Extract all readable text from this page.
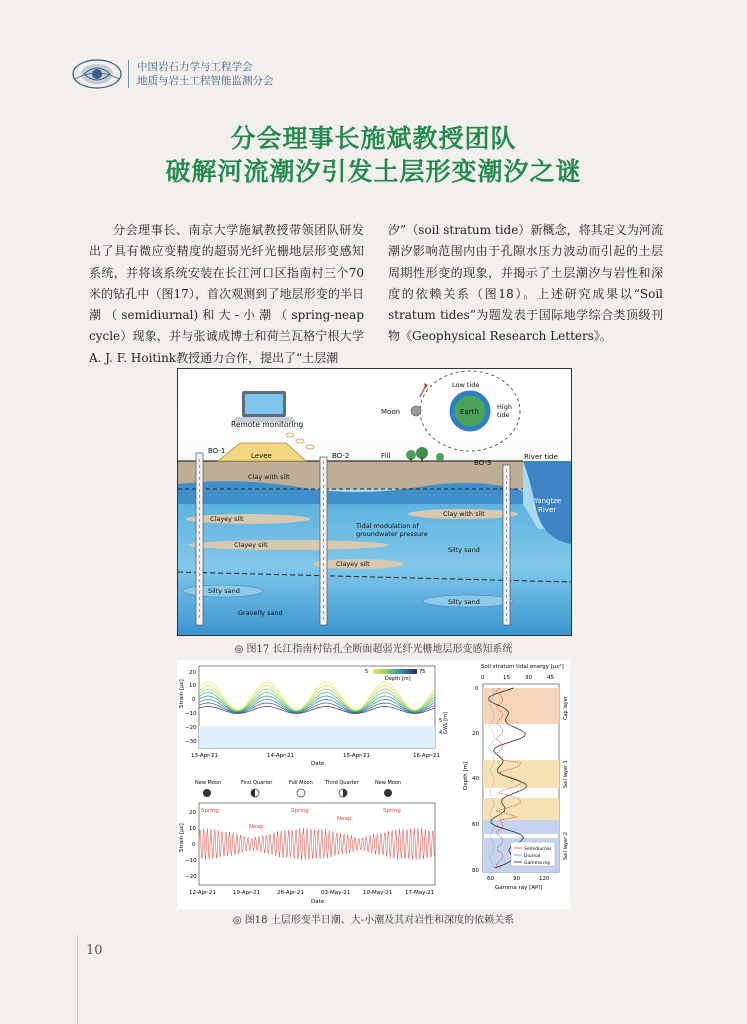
中国岩石力学与工程学会
地质与岩土工程智能监测分会
分会理事长施斌教授团队
破解河流潮汐引发土层形变潮汐之谜

分会理事长、南京大学施斌教授带领团队研发出了具有微应变精度的超弱光纤光栅地层形变感知系统，并将该系统安装在长江河口区指南村三个70米的钻孔中（图17），首次观测到了地层形变的半日潮（semidiurnal)和大-小潮（spring-neap cycle）现象，并与张诚成博士和荷兰瓦格宁根大学A. J. F. Hoitink教授通力合作，提出了“土层潮

汐”（soil stratum tide）新概念，将其定义为河流潮汐影响范围内由于孔隙水压力波动而引起的土层周期性形变的现象，并揭示了土层潮汐与岩性和深度的依赖关系（图18）。上述研究成果以“Soil stratum tides”为题发表于国际地学综合类顶级刊物《Geophysical Research Letters》。

Remote monitoring
Moon	Earth
Low tide
High
tide
BO-1
BO-2
BO-3
Levee	Fill	River tide
Clay with silt
Clay with silt
Yangtze
River
Clayey silt
Clayey silt
Clayey silt
Tidal modulation of
groundwater pressure
Silty sand
Silty sand
Silty sand
Gravelly sand
◎ 图17 长江指南村钻孔全断面超弱光纤光栅地层形变感知系统
5	75
Depth [m]
20
10
0
−10
−20
−30
Strain [με]
5
4 GWL [m]
13-Apr-21	14-Apr-21	15-Apr-21	16-Apr-21
Date
New Moon	First Quarter	Full Moon Third Quarter	New Moon
Spring
Neap
Spring
Neap
Spring
20
10
0
−10
−20
Strain [με]
12-Apr-21	19-Apr-21	26-Apr-21	03-May-21 10-May-21 17-May-21
Date
Soil stratum tidal energy [με²]
0	15	30	45
0
20
40
60
80
Depth [m]
60	90	120
Gamma ray [API]
Cap layer
Soil layer 1
Soil layer 2
Semidiurnal
Diurnal
Gamma ray
◎ 图18 土层形变半日潮、大-小潮及其对岩性和深度的依赖关系
10
